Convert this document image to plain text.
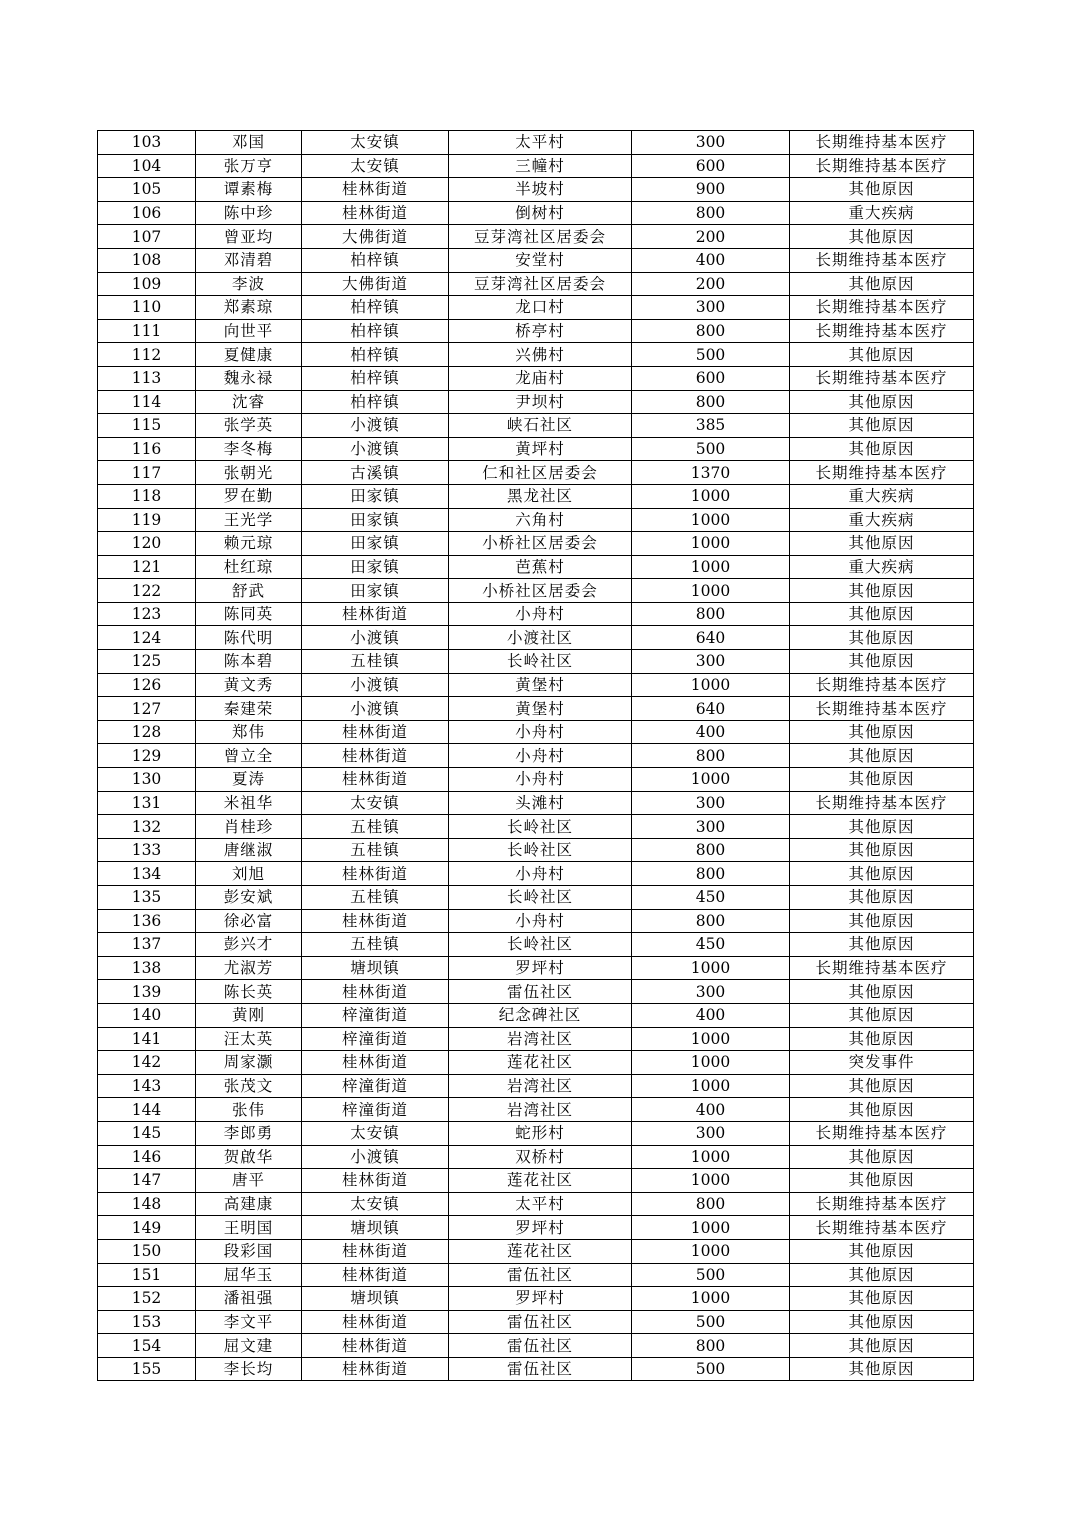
103	邓国	太安镇	太平村	300	长期维持基本医疗
104	张万亨	太安镇	三幢村	600	长期维持基本医疗
105	谭素梅	桂林街道	半坡村	900	其他原因
106	陈中珍	桂林街道	倒树村	800	重大疾病
107	曾亚均	大佛街道	豆芽湾社区居委会	200	其他原因
108	邓清碧	柏梓镇	安堂村	400	长期维持基本医疗
109	李波	大佛街道	豆芽湾社区居委会	200	其他原因
110	郑素琼	柏梓镇	龙口村	300	长期维持基本医疗
111	向世平	柏梓镇	桥亭村	800	长期维持基本医疗
112	夏健康	柏梓镇	兴佛村	500	其他原因
113	魏永禄	柏梓镇	龙庙村	600	长期维持基本医疗
114	沈睿	柏梓镇	尹坝村	800	其他原因
115	张学英	小渡镇	峡石社区	385	其他原因
116	李冬梅	小渡镇	黄坪村	500	其他原因
117	张朝光	古溪镇	仁和社区居委会	1370	长期维持基本医疗
118	罗在勤	田家镇	黑龙社区	1000	重大疾病
119	王光学	田家镇	六角村	1000	重大疾病
120	赖元琼	田家镇	小桥社区居委会	1000	其他原因
121	杜红琼	田家镇	芭蕉村	1000	重大疾病
122	舒武	田家镇	小桥社区居委会	1000	其他原因
123	陈同英	桂林街道	小舟村	800	其他原因
124	陈代明	小渡镇	小渡社区	640	其他原因
125	陈本碧	五桂镇	长岭社区	300	其他原因
126	黄文秀	小渡镇	黄堡村	1000	长期维持基本医疗
127	秦建荣	小渡镇	黄堡村	640	长期维持基本医疗
128	郑伟	桂林街道	小舟村	400	其他原因
129	曾立全	桂林街道	小舟村	800	其他原因
130	夏涛	桂林街道	小舟村	1000	其他原因
131	米祖华	太安镇	头滩村	300	长期维持基本医疗
132	肖桂珍	五桂镇	长岭社区	300	其他原因
133	唐继淑	五桂镇	长岭社区	800	其他原因
134	刘旭	桂林街道	小舟村	800	其他原因
135	彭安斌	五桂镇	长岭社区	450	其他原因
136	徐必富	桂林街道	小舟村	800	其他原因
137	彭兴才	五桂镇	长岭社区	450	其他原因
138	尤淑芳	塘坝镇	罗坪村	1000	长期维持基本医疗
139	陈长英	桂林街道	雷伍社区	300	其他原因
140	黄刚	梓潼街道	纪念碑社区	400	其他原因
141	汪太英	梓潼街道	岩湾社区	1000	其他原因
142	周家灏	桂林街道	莲花社区	1000	突发事件
143	张茂文	梓潼街道	岩湾社区	1000	其他原因
144	张伟	梓潼街道	岩湾社区	400	其他原因
145	李郎勇	太安镇	蛇形村	300	长期维持基本医疗
146	贺啟华	小渡镇	双桥村	1000	其他原因
147	唐平	桂林街道	莲花社区	1000	其他原因
148	高建康	太安镇	太平村	800	长期维持基本医疗
149	王明国	塘坝镇	罗坪村	1000	长期维持基本医疗
150	段彩国	桂林街道	莲花社区	1000	其他原因
151	屈华玉	桂林街道	雷伍社区	500	其他原因
152	潘祖强	塘坝镇	罗坪村	1000	其他原因
153	李文平	桂林街道	雷伍社区	500	其他原因
154	屈文建	桂林街道	雷伍社区	800	其他原因
155	李长均	桂林街道	雷伍社区	500	其他原因
